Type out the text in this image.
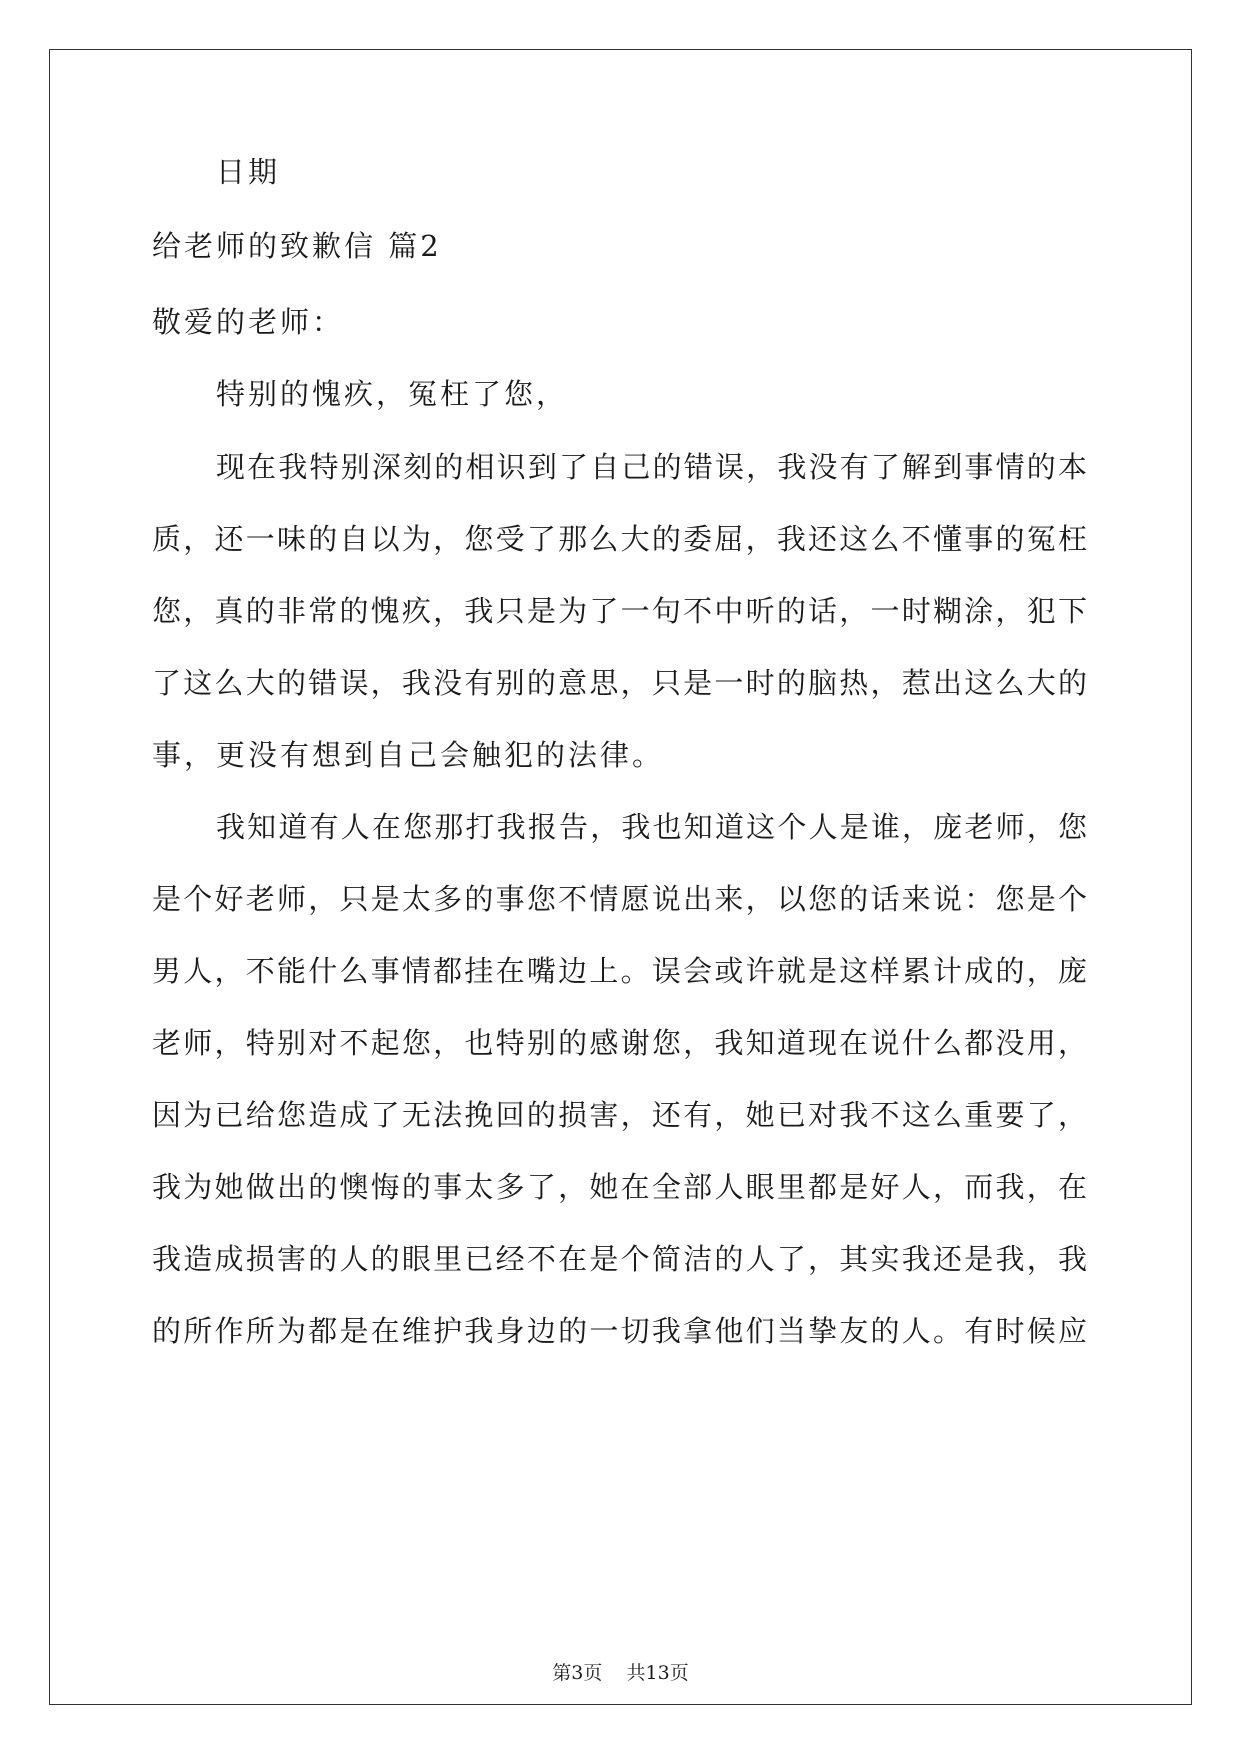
日期
给老师的致歉信 篇2
敬爱的老师：
特别的愧疚，冤枉了您，
现在我特别深刻的相识到了自己的错误，我没有了解到事情的本
质，还一味的自以为，您受了那么大的委屈，我还这么不懂事的冤枉
您，真的非常的愧疚，我只是为了一句不中听的话，一时糊涂，犯下
了这么大的错误，我没有别的意思，只是一时的脑热，惹出这么大的
事，更没有想到自己会触犯的法律。
我知道有人在您那打我报告，我也知道这个人是谁，庞老师，您
是个好老师，只是太多的事您不情愿说出来，以您的话来说：您是个
男人，不能什么事情都挂在嘴边上。误会或许就是这样累计成的，庞
老师，特别对不起您，也特别的感谢您，我知道现在说什么都没用，
因为已给您造成了无法挽回的损害，还有，她已对我不这么重要了，
我为她做出的懊悔的事太多了，她在全部人眼里都是好人，而我，在
我造成损害的人的眼里已经不在是个简洁的人了，其实我还是我，我
的所作所为都是在维护我身边的一切我拿他们当挚友的人。有时候应
第3页    共13页
